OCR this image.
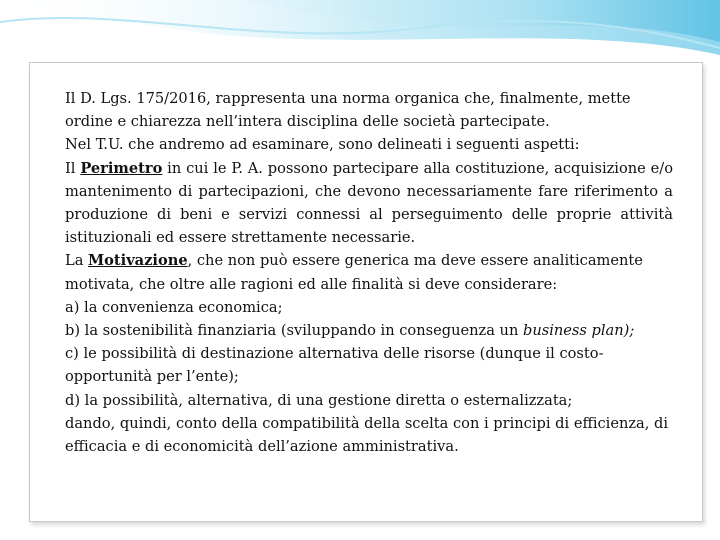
Il D. Lgs. 175/2016, rappresenta una norma organica che, finalmente, mette ordine e chiarezza nell’intera disciplina delle società partecipate.

Nel T.U. che andremo ad esaminare, sono delineati i seguenti aspetti:

Il Perimetro in cui le P. A. possono partecipare alla costituzione, acquisizione e/o mantenimento di partecipazioni, che devono necessariamente fare riferimento a produzione di beni e servizi connessi al perseguimento delle proprie attività istituzionali ed essere strettamente necessarie.

La Motivazione, che non può essere generica ma deve essere analiticamente motivata, che oltre alle ragioni ed alle finalità si deve considerare:

a) la convenienza economica;

b) la sostenibilità finanziaria (sviluppando in conseguenza un business plan);

c) le possibilità di destinazione alternativa delle risorse (dunque il costo-opportunità per l’ente);

d) la possibilità, alternativa, di una gestione diretta o esternalizzata;

dando, quindi, conto della compatibilità della scelta con i principi di efficienza, di efficacia e di economicità dell’azione amministrativa.
